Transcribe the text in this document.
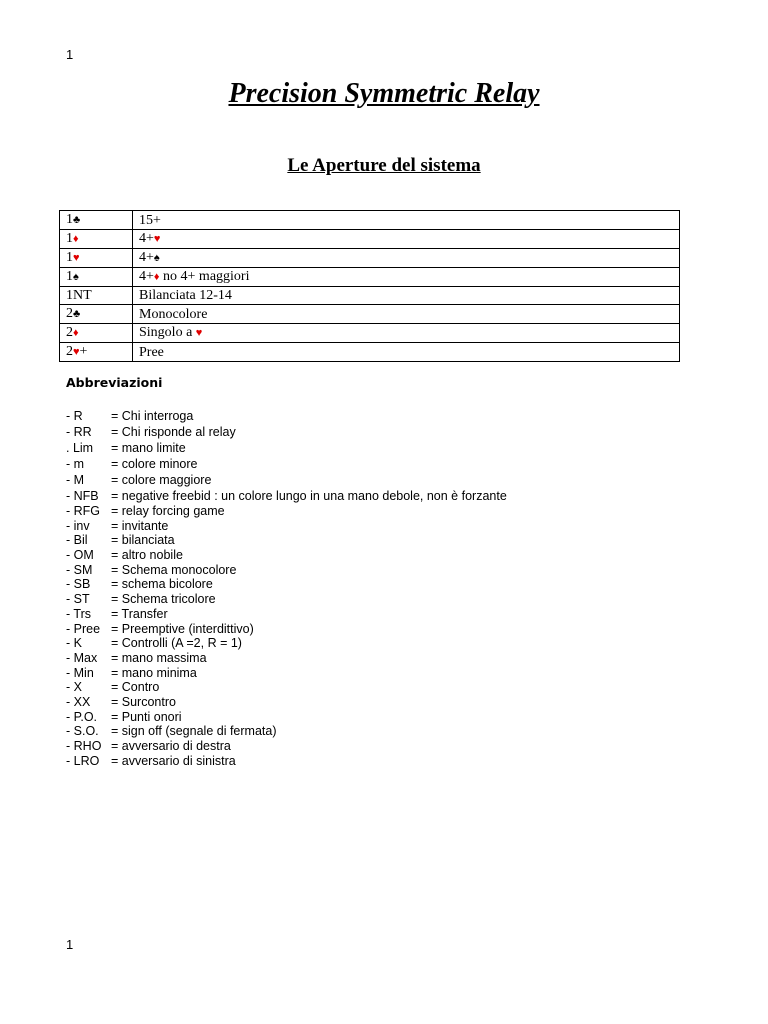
1
Precision Symmetric Relay
Le Aperture del sistema
1♣	15+
1♦	4+♥
1♥	4+♠
1♠	4+♦ no 4+ maggiori
1NT	Bilanciata 12-14
2♣	Monocolore
2♦	Singolo a ♥
2♥+	Pree
Abbreviazioni
- R = Chi interroga
- RR = Chi risponde al relay
. Lim = mano limite
- m = colore minore
- M = colore maggiore
- NFB = negative freebid : un colore lungo in una mano debole, non è forzante
- RFG = relay forcing game
- inv = invitante
- Bil = bilanciata
- OM = altro nobile
- SM = Schema monocolore
- SB = schema bicolore
- ST = Schema tricolore
- Trs = Transfer
- Pree = Preemptive (interdittivo)
- K = Controlli (A =2, R = 1)
- Max = mano massima
- Min = mano minima
- X = Contro
- XX = Surcontro
- P.O. = Punti onori
- S.O. = sign off (segnale di fermata)
- RHO = avversario di destra
- LRO = avversario di sinistra
1
